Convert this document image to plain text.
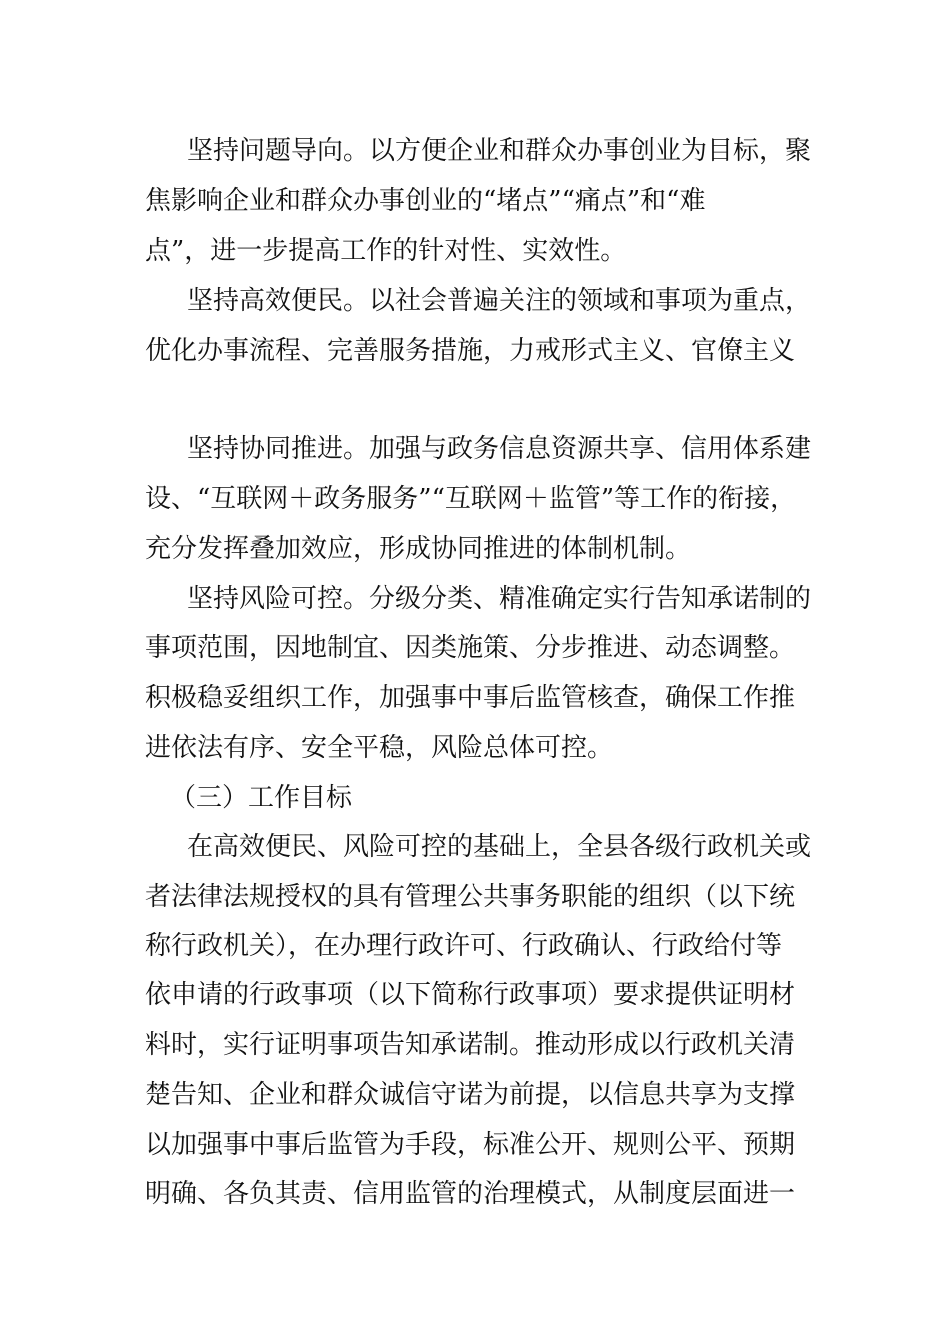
坚持问题导向。以方便企业和群众办事创业为目标，聚
焦影响企业和群众办事创业的“堵点”“痛点”和“难
点”，进一步提高工作的针对性、实效性。
坚持高效便民。以社会普遍关注的领域和事项为重点，
优化办事流程、完善服务措施，力戒形式主义、官僚主义
坚持协同推进。加强与政务信息资源共享、信用体系建
设、“互联网＋政务服务”“互联网＋监管”等工作的衔接，
充分发挥叠加效应，形成协同推进的体制机制。
坚持风险可控。分级分类、精准确定实行告知承诺制的
事项范围，因地制宜、因类施策、分步推进、动态调整。
积极稳妥组织工作，加强事中事后监管核查，确保工作推
进依法有序、安全平稳，风险总体可控。
（三）工作目标
在高效便民、风险可控的基础上，全县各级行政机关或
者法律法规授权的具有管理公共事务职能的组织（以下统
称行政机关），在办理行政许可、行政确认、行政给付等
依申请的行政事项（以下简称行政事项）要求提供证明材
料时，实行证明事项告知承诺制。推动形成以行政机关清
楚告知、企业和群众诚信守诺为前提，以信息共享为支撑
以加强事中事后监管为手段，标准公开、规则公平、预期
明确、各负其责、信用监管的治理模式，从制度层面进一
